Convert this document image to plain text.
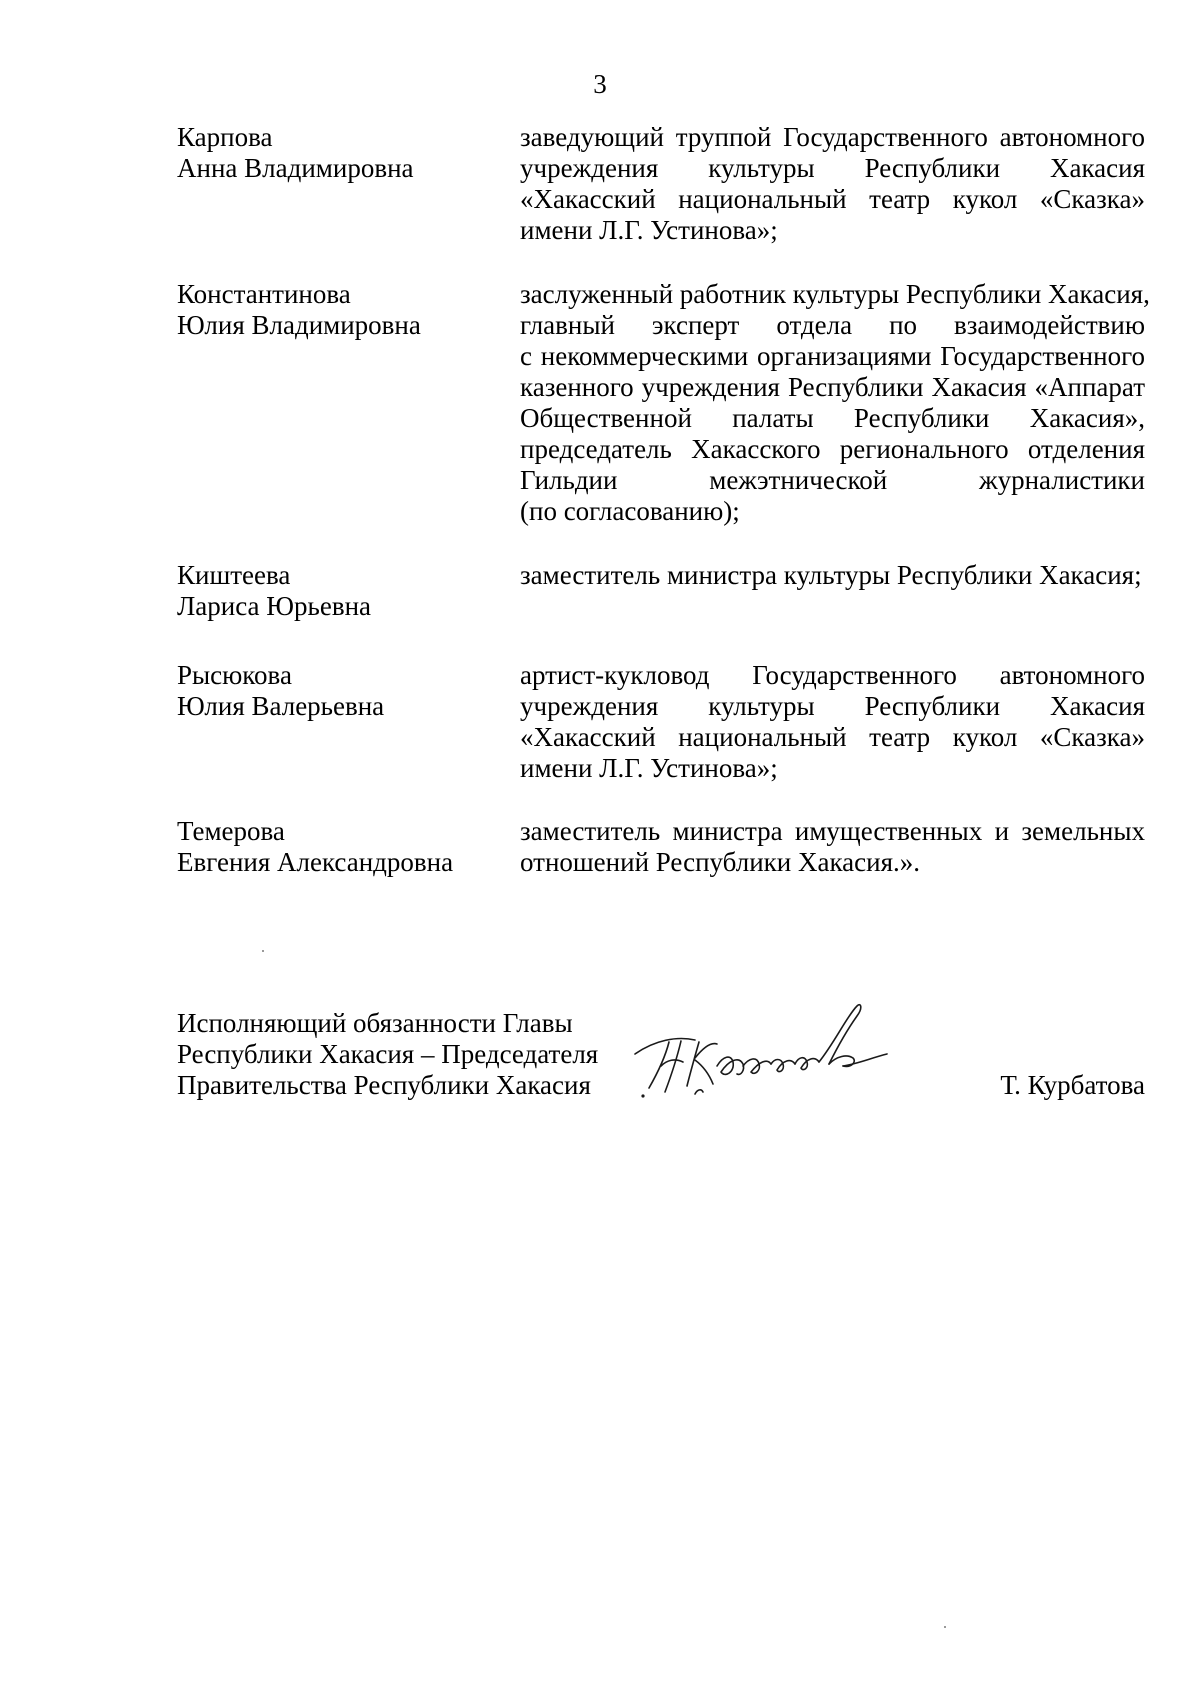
3
Карпова
Анна Владимировна
заведующий труппой Государственного автономного
учреждения культуры Республики Хакасия
«Хакасский национальный театр кукол «Сказка»
имени Л.Г. Устинова»;
Константинова
Юлия Владимировна
заслуженный работник культуры Республики Хакасия,
главный эксперт отдела по взаимодействию
с некоммерческими организациями Государственного
казенного учреждения Республики Хакасия «Аппарат
Общественной палаты Республики Хакасия»,
председатель Хакасского регионального отделения
Гильдии межэтнической журналистики
(по согласованию);
Киштеева
Лариса Юрьевна
заместитель министра культуры Республики Хакасия;
Рысюкова
Юлия Валерьевна
артист-кукловод Государственного автономного
учреждения культуры Республики Хакасия
«Хакасский национальный театр кукол «Сказка»
имени Л.Г. Устинова»;
Темерова
Евгения Александровна
заместитель министра имущественных и земельных
отношений Республики Хакасия.».
Исполняющий обязанности Главы
Республики Хакасия – Председателя
Правительства Республики Хакасия	Т. Курбатова
